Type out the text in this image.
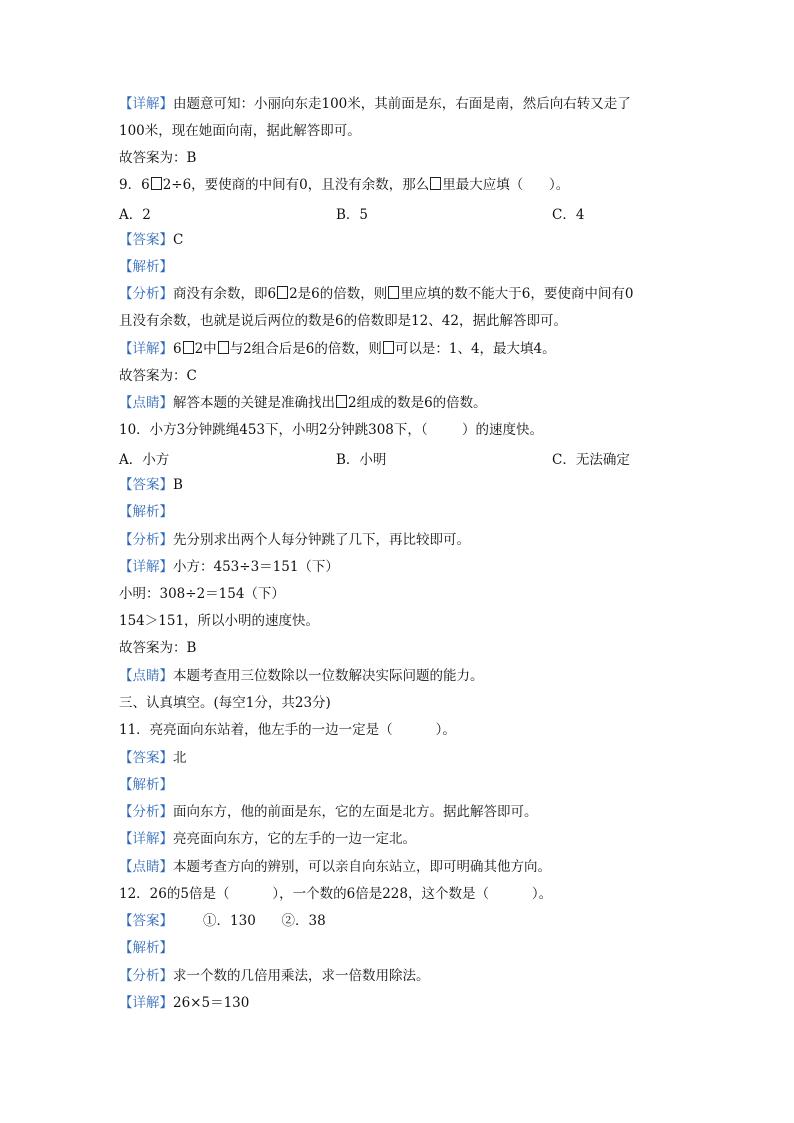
【详解】由题意可知：小丽向东走100米，其前面是东，右面是南，然后向右转又走了
100米，现在她面向南，据此解答即可。
故答案为：B
9．6 2÷6，要使商的中间有0，且没有余数，那么 里最大应填（      ）。
A．2	B．5	C．4
【答案】C
【解析】
【分析】商没有余数，即6 2是6的倍数，则 里应填的数不能大于6，要使商中间有0
且没有余数，也就是说后两位的数是6的倍数即是12、42，据此解答即可。
【详解】6 2中 与2组合后是6的倍数，则 可以是：1、4，最大填4。
故答案为：C
【点睛】解答本题的关键是准确找出 2组成的数是6的倍数。
10．小方3分钟跳绳453下，小明2分钟跳308下，（        ）的速度快。
A．小方	B．小明	C．无法确定
【答案】B
【解析】
【分析】先分别求出两个人每分钟跳了几下，再比较即可。
【详解】小方：453÷3＝151（下）
小明：308÷2＝154（下）
154＞151，所以小明的速度快。
故答案为：B
【点睛】本题考查用三位数除以一位数解决实际问题的能力。
三、认真填空。(每空1分，共23分)
11．亮亮面向东站着，他左手的一边一定是（          ）。
【答案】北
【解析】
【分析】面向东方，他的前面是东，它的左面是北方。据此解答即可。
【详解】亮亮面向东方，它的左手的一边一定北。
【点睛】本题考查方向的辨别，可以亲自向东站立，即可明确其他方向。
12．26的5倍是（          ），一个数的6倍是228，这个数是（          ）。
【答案】       ①．130      ②．38
【解析】
【分析】求一个数的几倍用乘法，求一倍数用除法。
【详解】26×5＝130
